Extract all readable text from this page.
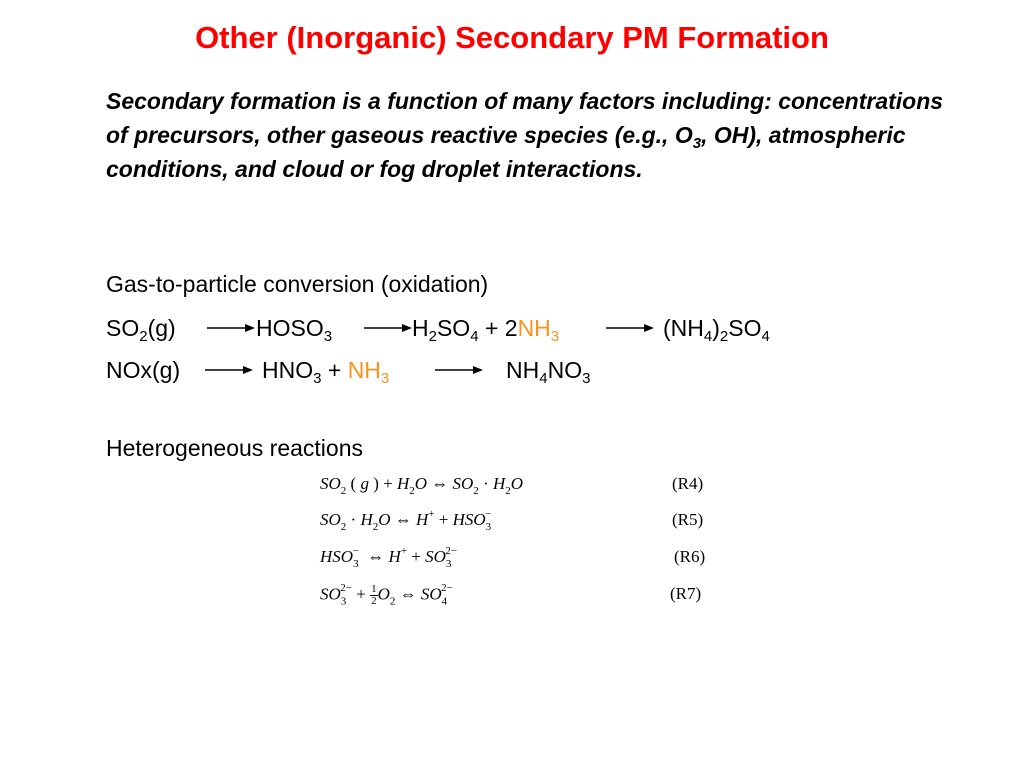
Other (Inorganic) Secondary PM Formation
Secondary formation is a function of many factors including: concentrations of precursors, other gaseous reactive species (e.g., $O_3$, OH), atmospheric conditions, and cloud or fog droplet interactions.
Gas-to-particle conversion (oxidation)
$SO_2(g)$ → $HOSO_3 \to H_2SO_4 + 2NH_3$	→ $(NH_4)_2SO_4$
$NOx(g) \to HNO_3 + NH_3$	→ $NH_4NO_3$
Heterogeneous reactions
$SO_2$ ( g ) + $H_2O$ ⇔ $SO_2 \cdot H_2O$	(R4)
$SO_2 \cdot H_2O$ ⇔ $H^+ + HSO_3^-$	(R5)
$HSO_3^-$  ⇔ $H^+ + SO_3^{2-}$	(R6)
$SO_3^{2-} + \frac{1}{2} O_2$ ⇔ $SO_4^{2-}$	(R7)
